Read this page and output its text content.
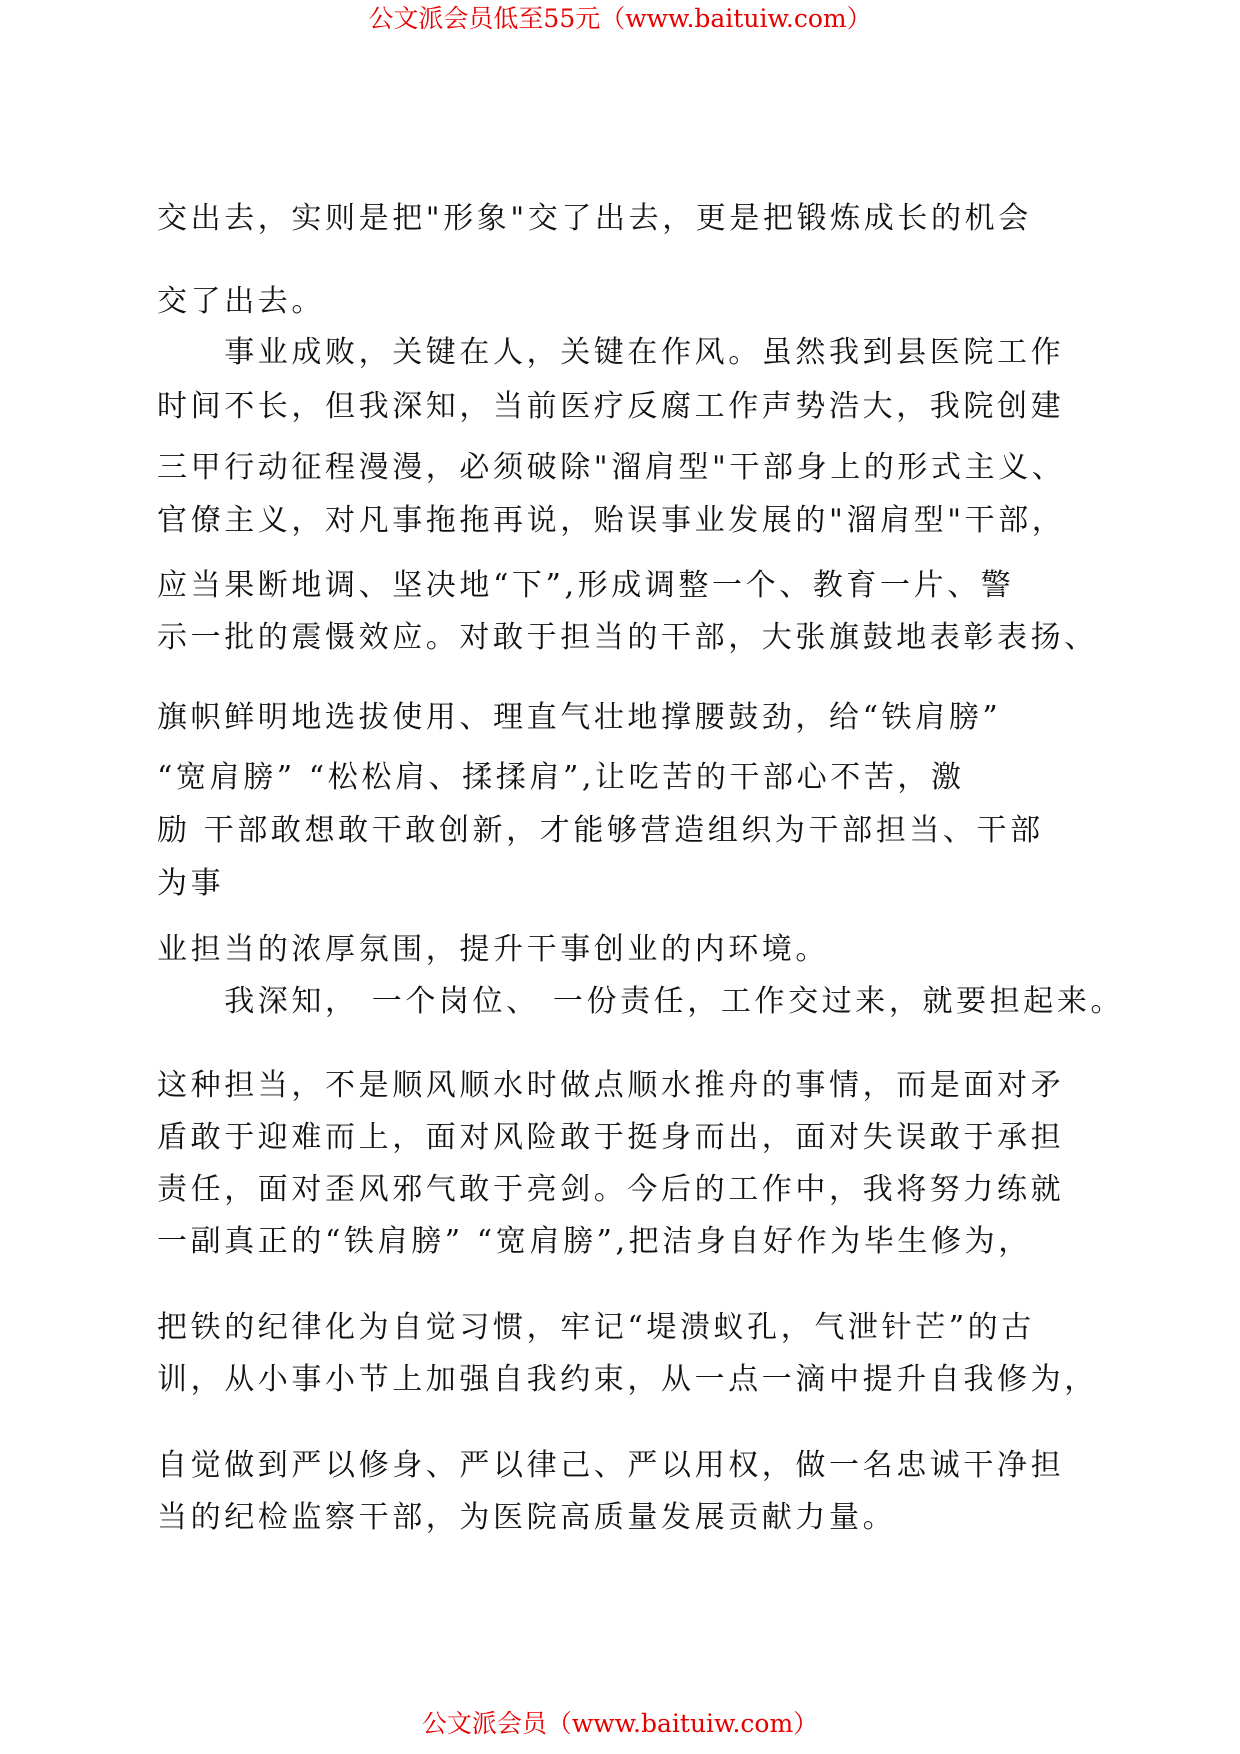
公文派会员低至55元（www.baituiw.com）
交出去，实则是把"形象"交了出去，更是把锻炼成长的机会
交了出去。
　　事业成败，关键在人，关键在作风。虽然我到县医院工作
时间不长，但我深知，当前医疗反腐工作声势浩大，我院创建
三甲行动征程漫漫，必须破除"溜肩型"干部身上的形式主义、
官僚主义，对凡事拖拖再说，贻误事业发展的"溜肩型"干部，
应当果断地调、坚决地“下”,形成调整一个、教育一片、警
示一批的震慑效应。对敢于担当的干部，大张旗鼓地表彰表扬、
旗帜鲜明地选拔使用、理直气壮地撑腰鼓劲，给“铁肩膀”
“宽肩膀” “松松肩、揉揉肩”,让吃苦的干部心不苦，激
励 干部敢想敢干敢创新，才能够营造组织为干部担当、干部
为事
业担当的浓厚氛围，提升干事创业的内环境。
　　我深知， 一个岗位、 一份责任，工作交过来，就要担起来。
这种担当，不是顺风顺水时做点顺水推舟的事情，而是面对矛
盾敢于迎难而上，面对风险敢于挺身而出，面对失误敢于承担
责任，面对歪风邪气敢于亮剑。今后的工作中，我将努力练就
一副真正的“铁肩膀” “宽肩膀”,把洁身自好作为毕生修为，
把铁的纪律化为自觉习惯，牢记“堤溃蚁孔，气泄针芒”的古
训，从小事小节上加强自我约束，从一点一滴中提升自我修为，
自觉做到严以修身、严以律己、严以用权，做一名忠诚干净担
当的纪检监察干部，为医院高质量发展贡献力量。
公文派会员（www.baituiw.com）
